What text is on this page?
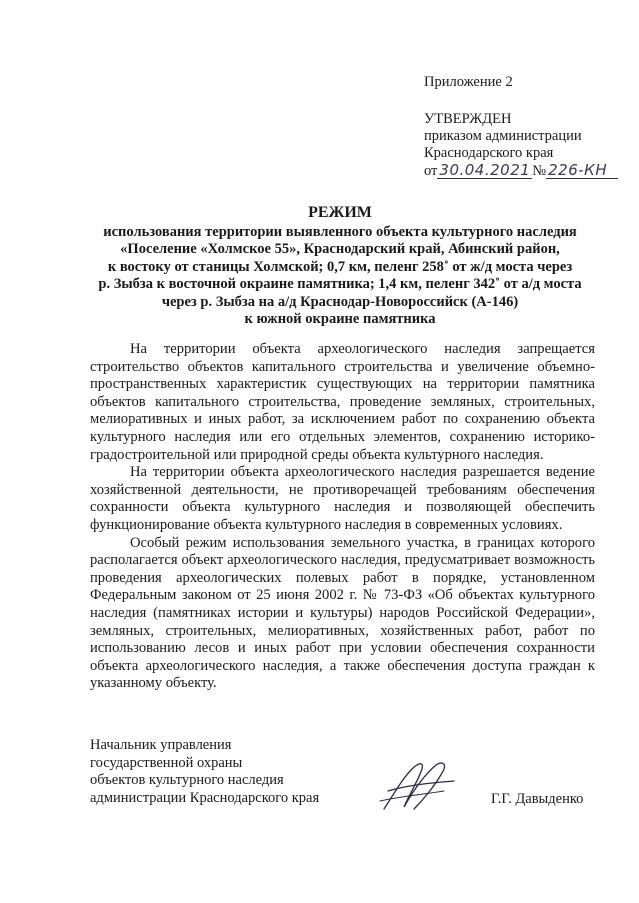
Приложение 2
УТВЕРЖДЕН
приказом администрации
Краснодарского края
от 30.04.2021 № 226-КН
РЕЖИМ
использования территории выявленного объекта культурного наследия
«Поселение «Холмское 55», Краснодарский край, Абинский район,
к востоку от станицы Холмской; 0,7 км, пеленг 258˚ от ж/д моста через
р. Зыбза к восточной окраине памятника; 1,4 км, пеленг 342˚ от а/д моста
через р. Зыбза на а/д Краснодар-Новороссийск (А-146)
к южной окраине памятника

На территории объекта археологического наследия запрещается строительство объектов капитального строительства и увеличение объемно-пространственных характеристик существующих на территории памятника объектов капитального строительства, проведение земляных, строительных, мелиоративных и иных работ, за исключением работ по сохранению объекта культурного наследия или его отдельных элементов, сохранению историко-градостроительной или природной среды объекта культурного наследия.

На территории объекта археологического наследия разрешается ведение хозяйственной деятельности, не противоречащей требованиям обеспечения сохранности объекта культурного наследия и позволяющей обеспечить функционирование объекта культурного наследия в современных условиях.

Особый режим использования земельного участка, в границах которого располагается объект археологического наследия, предусматривает возможность проведения археологических полевых работ в порядке, установленном Федеральным законом от 25 июня 2002 г. № 73-ФЗ «Об объектах культурного наследия (памятниках истории и культуры) народов Российской Федерации», земляных, строительных, мелиоративных, хозяйственных работ, работ по использованию лесов и иных работ при условии обеспечения сохранности объекта археологического наследия, а также обеспечения доступа граждан к указанному объекту.

Начальник управления
государственной охраны
объектов культурного наследия
администрации Краснодарского края	Г.Г. Давыденко
